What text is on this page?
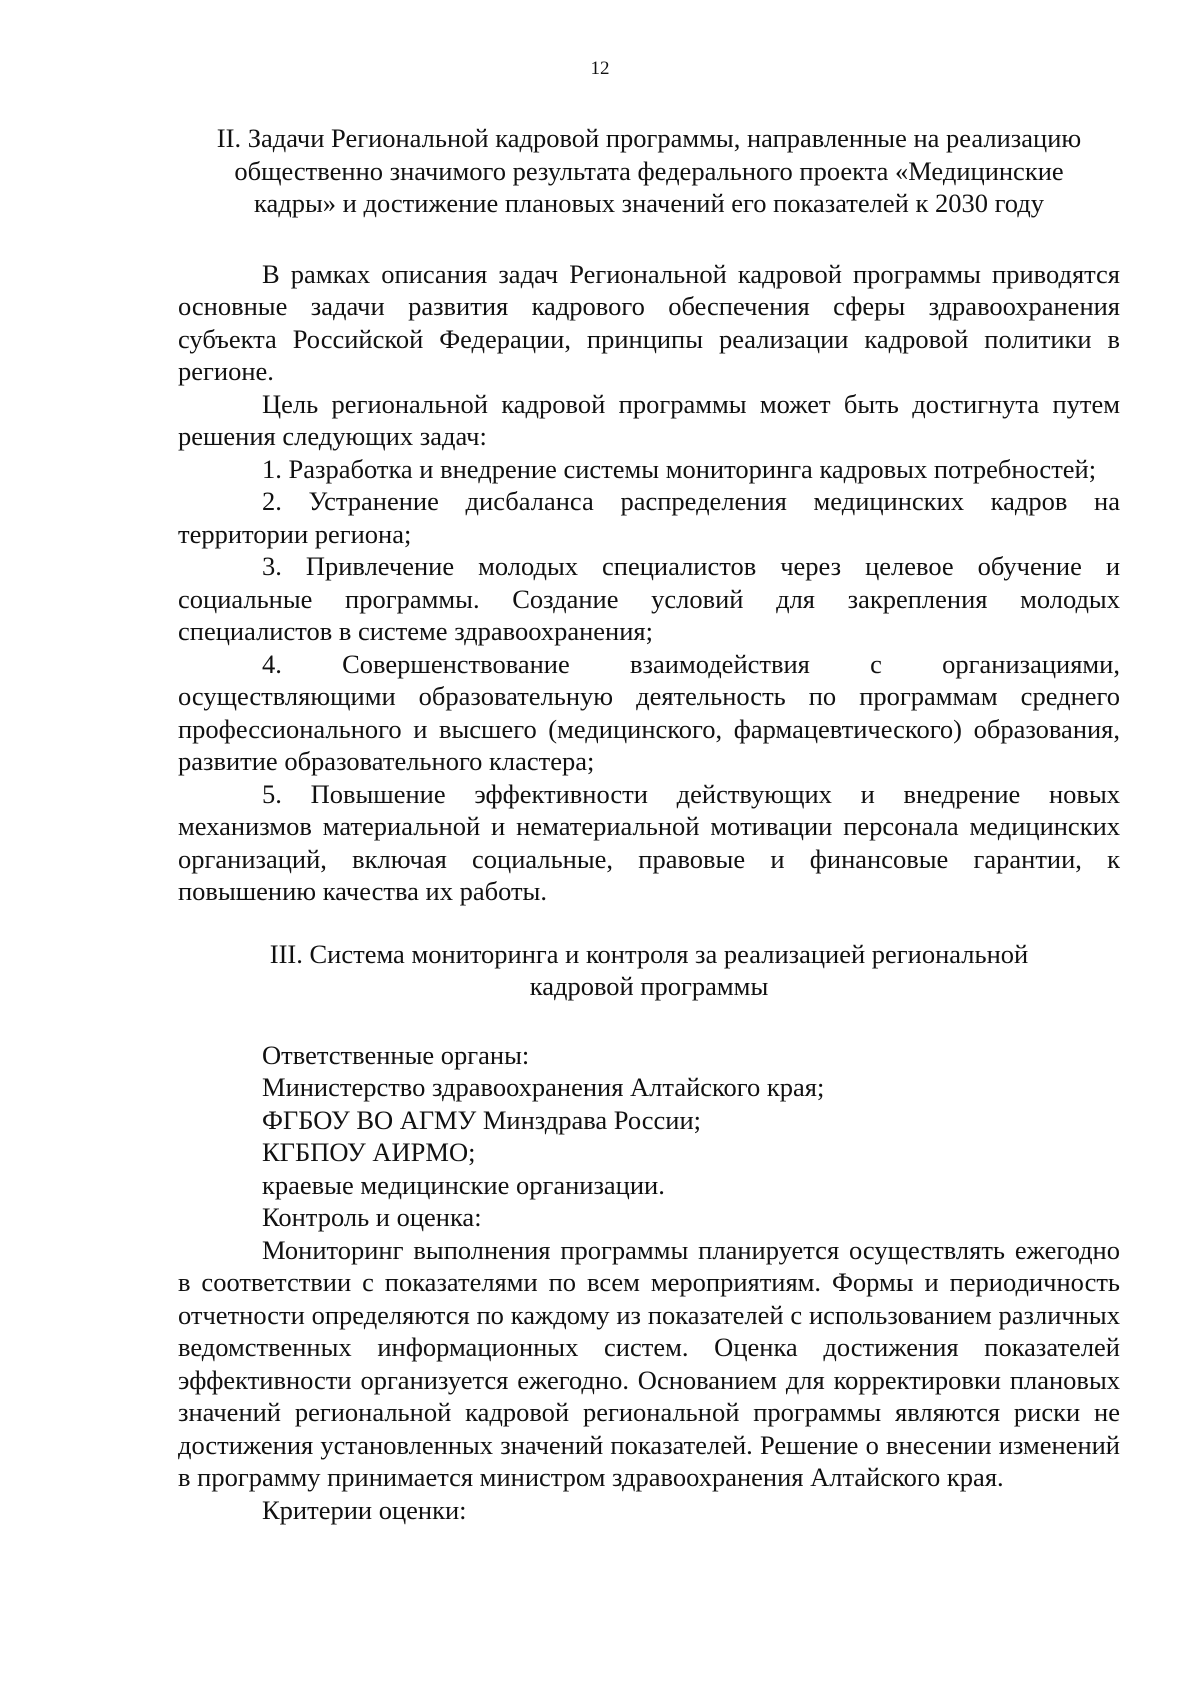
12
II. Задачи Региональной кадровой программы, направленные на реализацию
общественно значимого результата федерального проекта «Медицинские
кадры» и достижение плановых значений его показателей к 2030 году

В рамках описания задач Региональной кадровой программы приводятся основные задачи развития кадрового обеспечения сферы здравоохранения субъекта Российской Федерации, принципы реализации кадровой политики в регионе.

Цель региональной кадровой программы может быть достигнута путем решения следующих задач:

1. Разработка и внедрение системы мониторинга кадровых потребностей;

2. Устранение дисбаланса распределения медицинских кадров на территории региона;

3. Привлечение молодых специалистов через целевое обучение и социальные программы. Создание условий для закрепления молодых специалистов в системе здравоохранения;

4. Совершенствование взаимодействия с организациями, осуществляющими образовательную деятельность по программам среднего профессионального и высшего (медицинского, фармацевтического) образования, развитие образовательного кластера;

5. Повышение эффективности действующих и внедрение новых механизмов материальной и нематериальной мотивации персонала медицинских организаций, включая социальные, правовые и финансовые гарантии, к повышению качества их работы.

III. Система мониторинга и контроля за реализацией региональной
кадровой программы

Ответственные органы:

Министерство здравоохранения Алтайского края;

ФГБОУ ВО АГМУ Минздрава России;

КГБПОУ АИРМО;

краевые медицинские организации.

Контроль и оценка:

Мониторинг выполнения программы планируется осуществлять ежегодно в соответствии с показателями по всем мероприятиям. Формы и периодичность отчетности определяются по каждому из показателей с использованием различных ведомственных информационных систем. Оценка достижения показателей эффективности организуется ежегодно. Основанием для корректировки плановых значений региональной кадровой региональной программы являются риски не достижения установленных значений показателей. Решение о внесении изменений в программу принимается министром здравоохранения Алтайского края.

Критерии оценки:
